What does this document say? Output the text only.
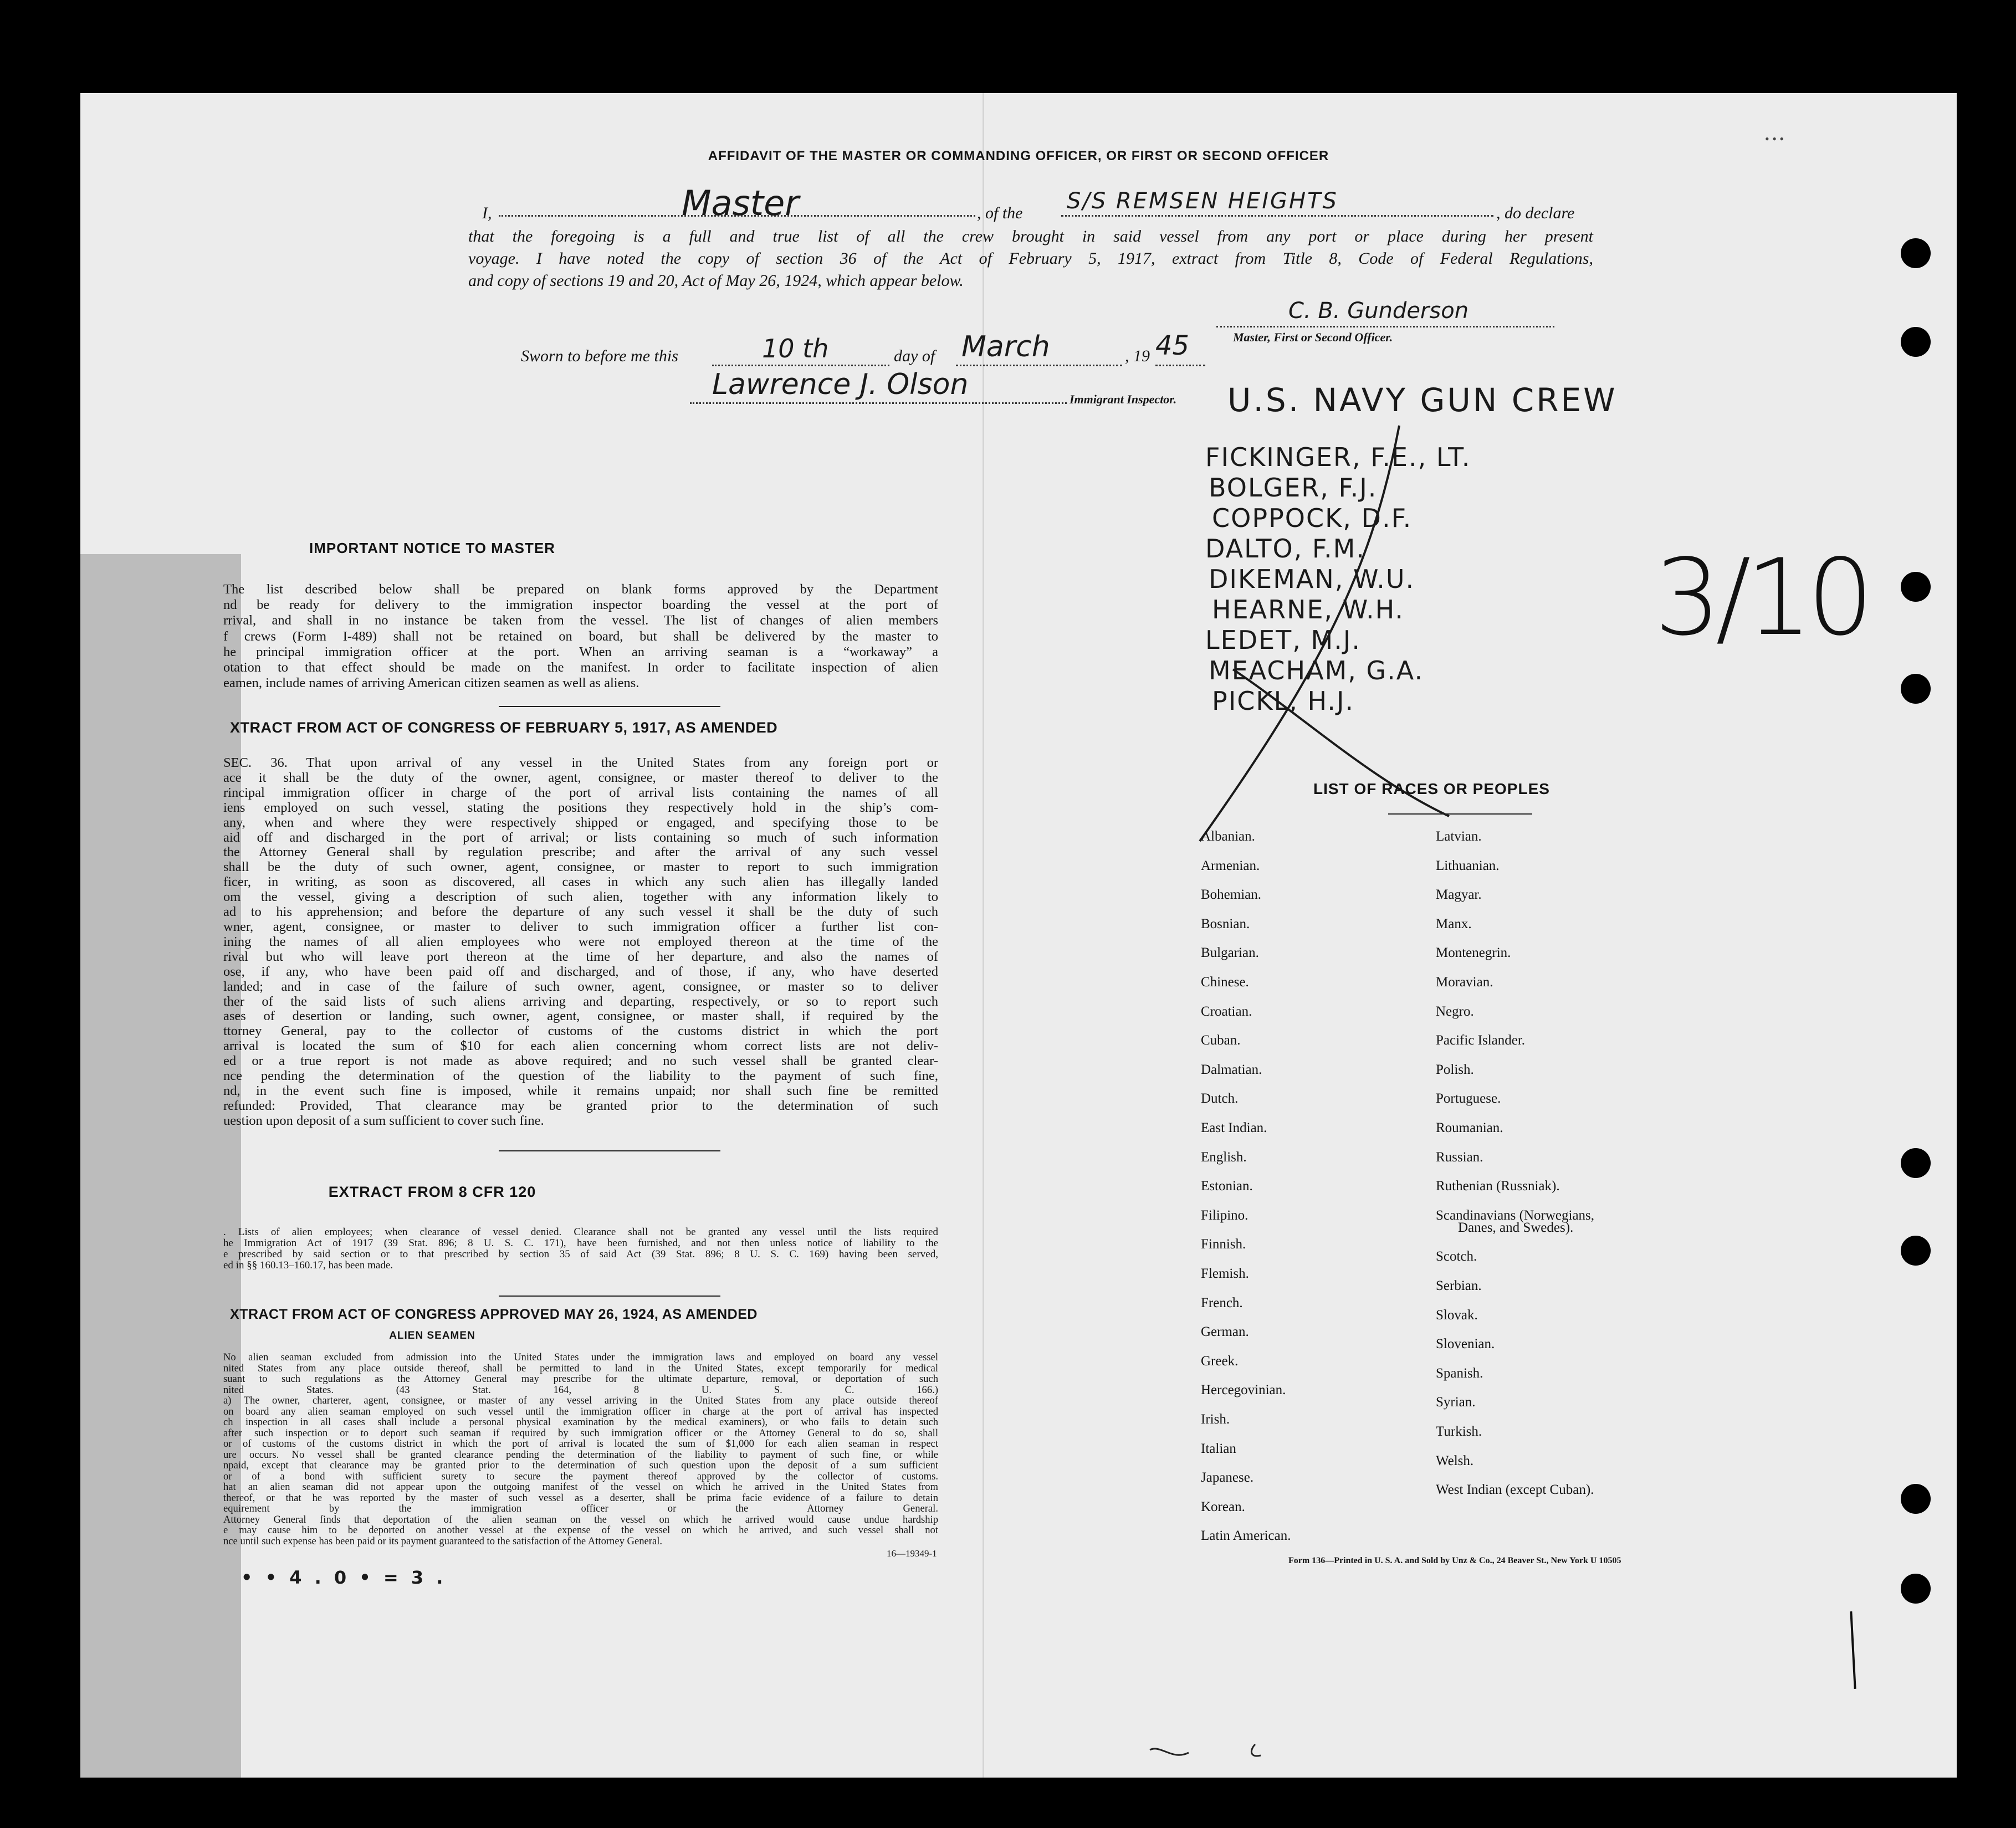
• • •
AFFIDAVIT OF THE MASTER OR COMMANDING OFFICER, OR FIRST OR SECOND OFFICER
I,	Master	, of the S/S REMSEN HEIGHTS	, do declare
that the foregoing is a full and true list of all the crew brought in said vessel from any port or place during her present
voyage. I have noted the copy of section 36 of the Act of February 5, 1917, extract from Title 8, Code of Federal Regulations,
and copy of sections 19 and 20, Act of May 26, 1924, which appear below.
C. B. Gunderson
Master, First or Second Officer.
Sworn to before me this	10 th	day of March	, 19 45
Lawrence J. Olson	Immigrant Inspector. U.S. NAVY GUN CREW
FICKINGER, F.E., LT.
BOLGER, F.J.
COPPOCK, D.F.
DALTO, F.M.
DIKEMAN, W.U.
HEARNE, W.H.
LEDET, M.J.
MEACHAM, G.A.
PICKL, H.J.
3/10
IMPORTANT NOTICE TO MASTER
The list described below shall be prepared on blank forms approved by the Department
nd be ready for delivery to the immigration inspector boarding the vessel at the port of
rrival, and shall in no instance be taken from the vessel. The list of changes of alien members
f crews (Form I-489) shall not be retained on board, but shall be delivered by the master to
he principal immigration officer at the port. When an arriving seaman is a “workaway” a
otation to that effect should be made on the manifest. In order to facilitate inspection of alien
eamen, include names of arriving American citizen seamen as well as aliens.
XTRACT FROM ACT OF CONGRESS OF FEBRUARY 5, 1917, AS AMENDED
SEC. 36. That upon arrival of any vessel in the United States from any foreign port or
ace it shall be the duty of the owner, agent, consignee, or master thereof to deliver to the
rincipal immigration officer in charge of the port of arrival lists containing the names of all
iens employed on such vessel, stating the positions they respectively hold in the ship’s com-
any, when and where they were respectively shipped or engaged, and specifying those to be
aid off and discharged in the port of arrival; or lists containing so much of such information
the Attorney General shall by regulation prescribe; and after the arrival of any such vessel
shall be the duty of such owner, agent, consignee, or master to report to such immigration
ficer, in writing, as soon as discovered, all cases in which any such alien has illegally landed
om the vessel, giving a description of such alien, together with any information likely to
ad to his apprehension; and before the departure of any such vessel it shall be the duty of such
wner, agent, consignee, or master to deliver to such immigration officer a further list con-
ining the names of all alien employees who were not employed thereon at the time of the
rival but who will leave port thereon at the time of her departure, and also the names of
ose, if any, who have been paid off and discharged, and of those, if any, who have deserted
landed; and in case of the failure of such owner, agent, consignee, or master so to deliver
ther of the said lists of such aliens arriving and departing, respectively, or so to report such
ases of desertion or landing, such owner, agent, consignee, or master shall, if required by the
ttorney General, pay to the collector of customs of the customs district in which the port
arrival is located the sum of $10 for each alien concerning whom correct lists are not deliv-
ed or a true report is not made as above required; and no such vessel shall be granted clear-
nce pending the determination of the question of the liability to the payment of such fine,
nd, in the event such fine is imposed, while it remains unpaid; nor shall such fine be remitted
refunded: Provided, That clearance may be granted prior to the determination of such
uestion upon deposit of a sum sufficient to cover such fine.
EXTRACT FROM 8 CFR 120
. Lists of alien employees; when clearance of vessel denied. Clearance shall not be granted any vessel until the lists required
he Immigration Act of 1917 (39 Stat. 896; 8 U. S. C. 171), have been furnished, and not then unless notice of liability to the
e prescribed by said section or to that prescribed by section 35 of said Act (39 Stat. 896; 8 U. S. C. 169) having been served,
ed in §§ 160.13–160.17, has been made.
XTRACT FROM ACT OF CONGRESS APPROVED MAY 26, 1924, AS AMENDED
ALIEN SEAMEN
No alien seaman excluded from admission into the United States under the immigration laws and employed on board any vessel
nited States from any place outside thereof, shall be permitted to land in the United States, except temporarily for medical
suant to such regulations as the Attorney General may prescribe for the ultimate departure, removal, or deportation of such
nited States. (43 Stat. 164, 8 U. S. C. 166.)
a) The owner, charterer, agent, consignee, or master of any vessel arriving in the United States from any place outside thereof
on board any alien seaman employed on such vessel until the immigration officer in charge at the port of arrival has inspected
ch inspection in all cases shall include a personal physical examination by the medical examiners), or who fails to detain such
after such inspection or to deport such seaman if required by such immigration officer or the Attorney General to do so, shall
or of customs of the customs district in which the port of arrival is located the sum of $1,000 for each alien seaman in respect
ure occurs. No vessel shall be granted clearance pending the determination of the liability to payment of such fine, or while
npaid, except that clearance may be granted prior to the determination of such question upon the deposit of a sum sufficient
or of a bond with sufficient surety to secure the payment thereof approved by the collector of customs.
hat an alien seaman did not appear upon the outgoing manifest of the vessel on which he arrived in the United States from
thereof, or that he was reported by the master of such vessel as a deserter, shall be prima facie evidence of a failure to detain
equirement by the immigration officer or the Attorney General.
Attorney General finds that deportation of the alien seaman on the vessel on which he arrived would cause undue hardship
e may cause him to be deported on another vessel at the expense of the vessel on which he arrived, and such vessel shall not
nce until such expense has been paid or its payment guaranteed to the satisfaction of the Attorney General.
16—19349-1
• • 4 . 0 • = 3 .
LIST OF RACES OR PEOPLES
Albanian.
Armenian.
Bohemian.
Bosnian.
Bulgarian.
Chinese.
Croatian.
Cuban.
Dalmatian.
Dutch.
East Indian.
English.
Estonian.
Filipino.
Finnish.
Flemish.
French.
German.
Greek.
Hercegovinian.
Irish.
Italian
Japanese.
Korean.
Latin American.
Latvian.
Lithuanian.
Magyar.
Manx.
Montenegrin.
Moravian.
Negro.
Pacific Islander.
Polish.
Portuguese.
Roumanian.
Russian.
Ruthenian (Russniak).
Scandinavians (Norwegians,
Danes, and Swedes).
Scotch.
Serbian.
Slovak.
Slovenian.
Spanish.
Syrian.
Turkish.
Welsh.
West Indian (except Cuban).
Form 136—Printed in U. S. A. and Sold by Unz & Co., 24 Beaver St., New York U 10505
